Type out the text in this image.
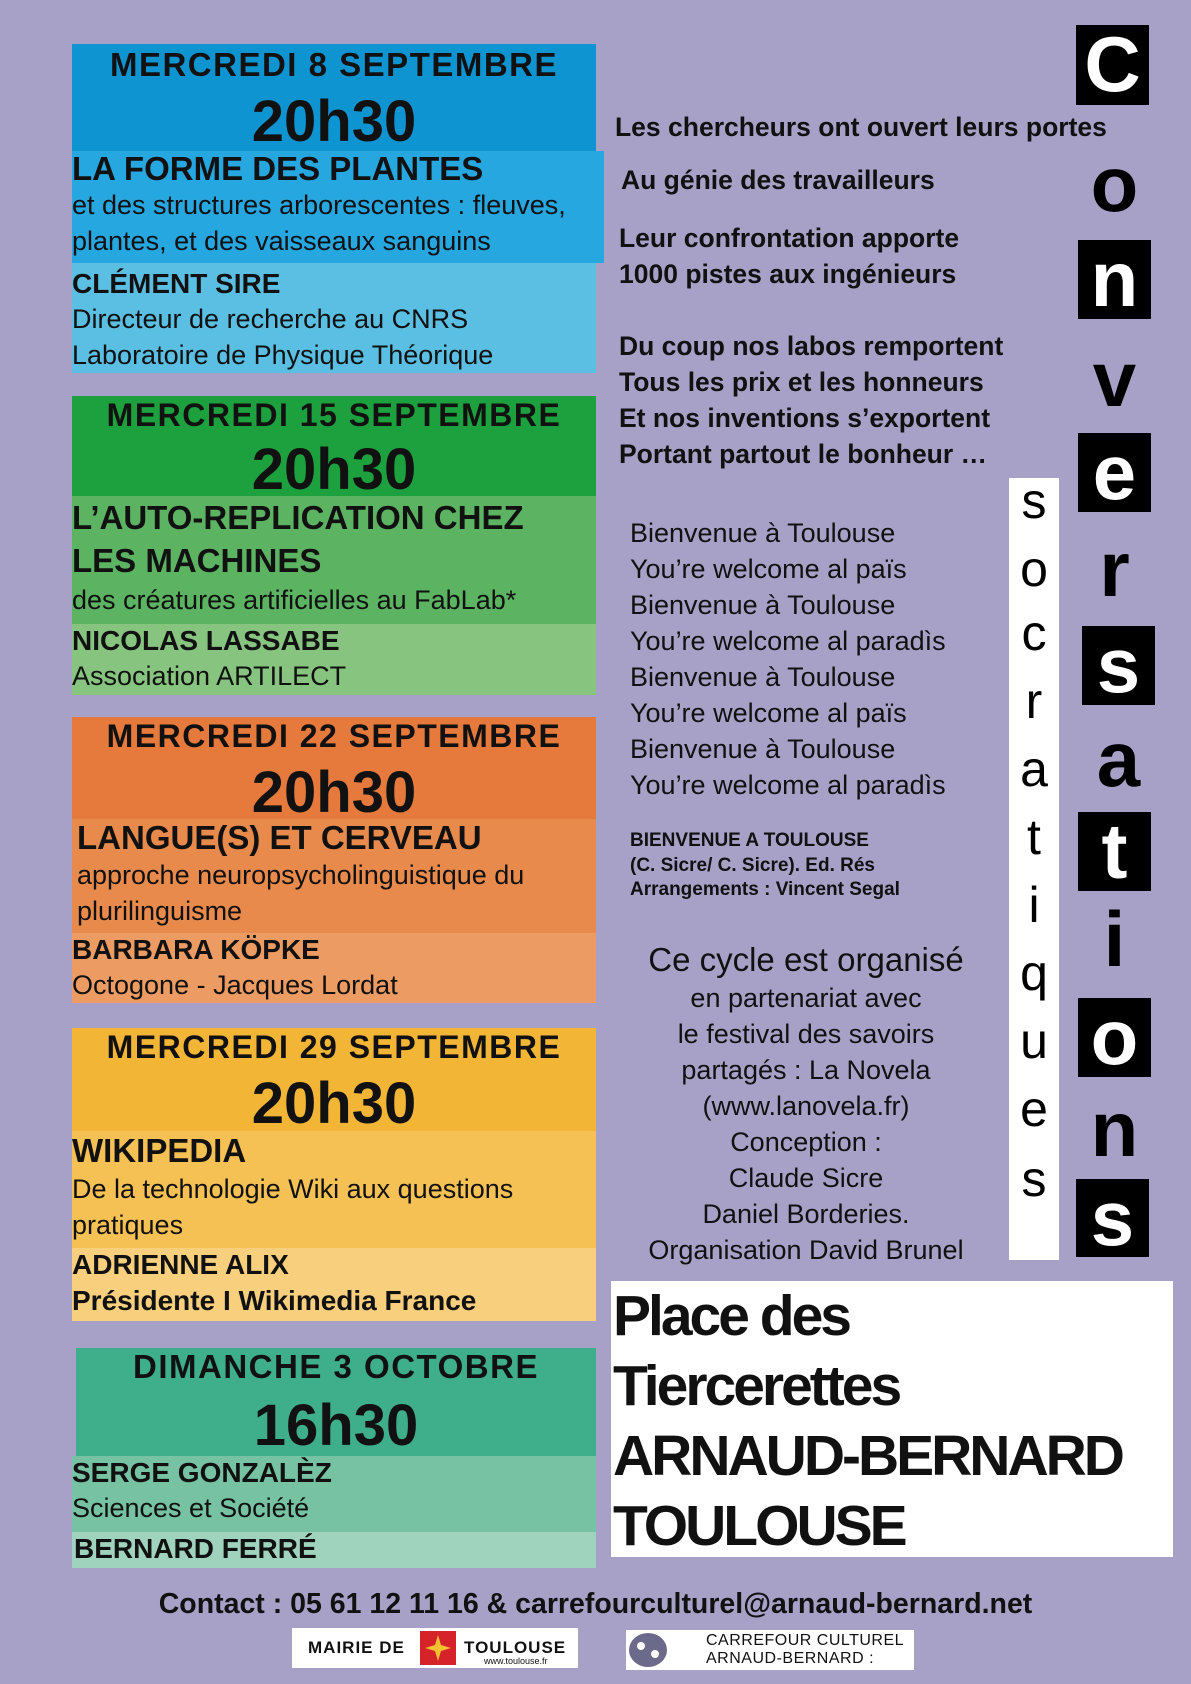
MERCREDI 8 SEPTEMBRE
20h30
LA FORME DES PLANTES
et des structures arborescentes : fleuves,
plantes, et des vaisseaux sanguins
CLÉMENT SIRE
Directeur de recherche au CNRS
Laboratoire de Physique Théorique
MERCREDI 15 SEPTEMBRE
20h30
L’AUTO-REPLICATION CHEZ
LES MACHINES
des créatures artificielles au FabLab*
NICOLAS LASSABE
Association ARTILECT
MERCREDI 22 SEPTEMBRE
20h30
LANGUE(S) ET CERVEAU
approche neuropsycholinguistique du
plurilinguisme
BARBARA KÖPKE
Octogone - Jacques Lordat
MERCREDI 29 SEPTEMBRE
20h30
WIKIPEDIA
De la technologie Wiki aux questions
pratiques
ADRIENNE ALIX
Présidente I Wikimedia France
DIMANCHE 3 OCTOBRE
16h30
SERGE GONZALÈZ
Sciences et Société
BERNARD FERRÉ
Les chercheurs ont ouvert leurs portes
Au génie des travailleurs
Leur confrontation apporte
1000 pistes aux ingénieurs
Du coup nos labos remportent
Tous les prix et les honneurs
Et nos inventions s’exportent
Portant partout le bonheur …
Bienvenue à Toulouse
You’re welcome al païs
Bienvenue à Toulouse
You’re welcome al paradìs
Bienvenue à Toulouse
You’re welcome al païs
Bienvenue à Toulouse
You’re welcome al paradìs
BIENVENUE A TOULOUSE
(C. Sicre/ C. Sicre). Ed. Rés
Arrangements : Vincent Segal
Ce cycle est organisé
en partenariat avec
le festival des savoirs
partagés : La Novela
(www.lanovela.fr)
Conception :
Claude Sicre
Daniel Borderies.
Organisation David Brunel
s
o
c
r
a
t
i
q
u
e
s
C
o
n
v
e
r
s
a
t
i
o
n
s
Place des
Tiercerettes
ARNAUD-BERNARD
TOULOUSE
Contact : 05 61 12 11 16 & carrefourculturel@arnaud-bernard.net
MAIRIE DE	TOULOUSE
www.toulouse.fr
CARREFOUR CULTUREL
ARNAUD-BERNARD :
